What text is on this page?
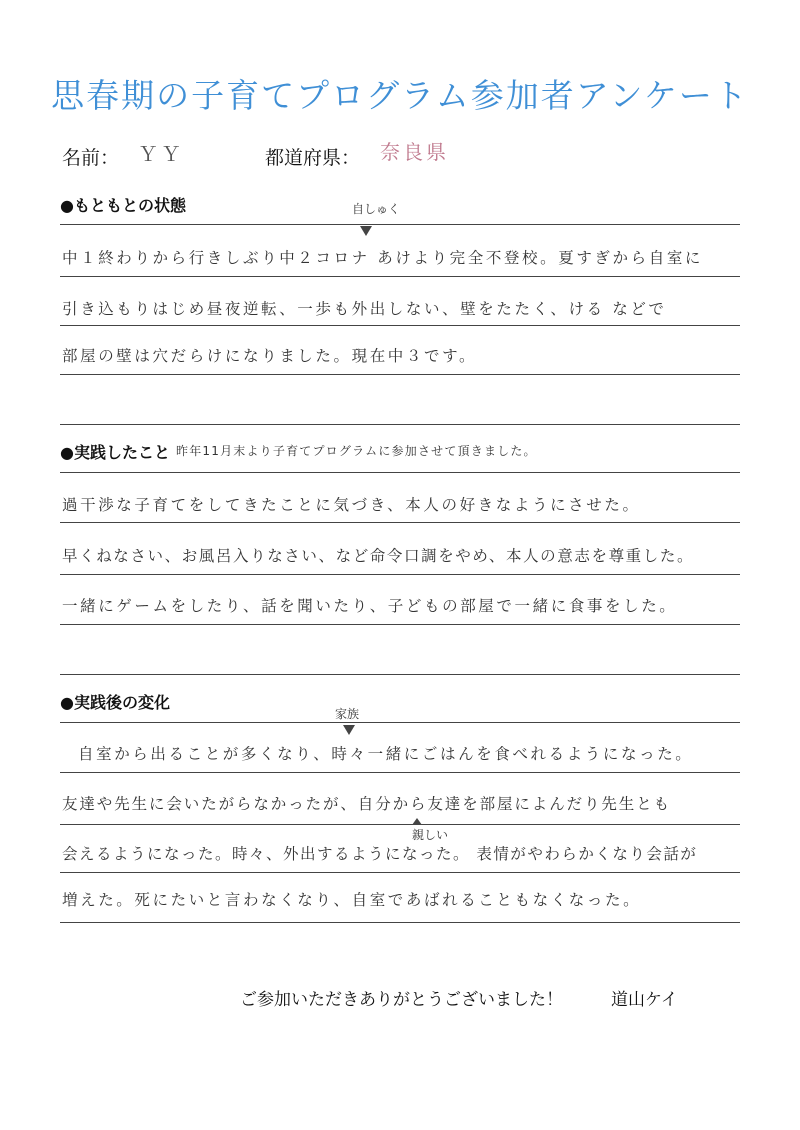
思春期の子育てプログラム参加者アンケート
名前： ＹＹ	都道府県： 奈良県
●もともとの状態	自しゅく
中１終わりから行きしぶり中２コロナ あけより完全不登校。夏すぎから自室に
引き込もりはじめ昼夜逆転、一歩も外出しない、壁をたたく、ける などで
部屋の壁は穴だらけになりました。現在中３です。
●実践したこと 昨年11月末より子育てプログラムに参加させて頂きました。
過干渉な子育てをしてきたことに気づき、本人の好きなようにさせた。
早くねなさい、お風呂入りなさい、など命令口調をやめ、本人の意志を尊重した。
一緒にゲームをしたり、話を聞いたり、子どもの部屋で一緒に食事をした。
●実践後の変化
家族
自室から出ることが多くなり、時々一緒にごはんを食べれるようになった。
友達や先生に会いたがらなかったが、自分から友達を部屋によんだり先生とも
親しい
会えるようになった。時々、外出するようになった。 表情がやわらかくなり会話が
増えた。死にたいと言わなくなり、自室であばれることもなくなった。
ご参加いただきありがとうございました！	道山ケイ
